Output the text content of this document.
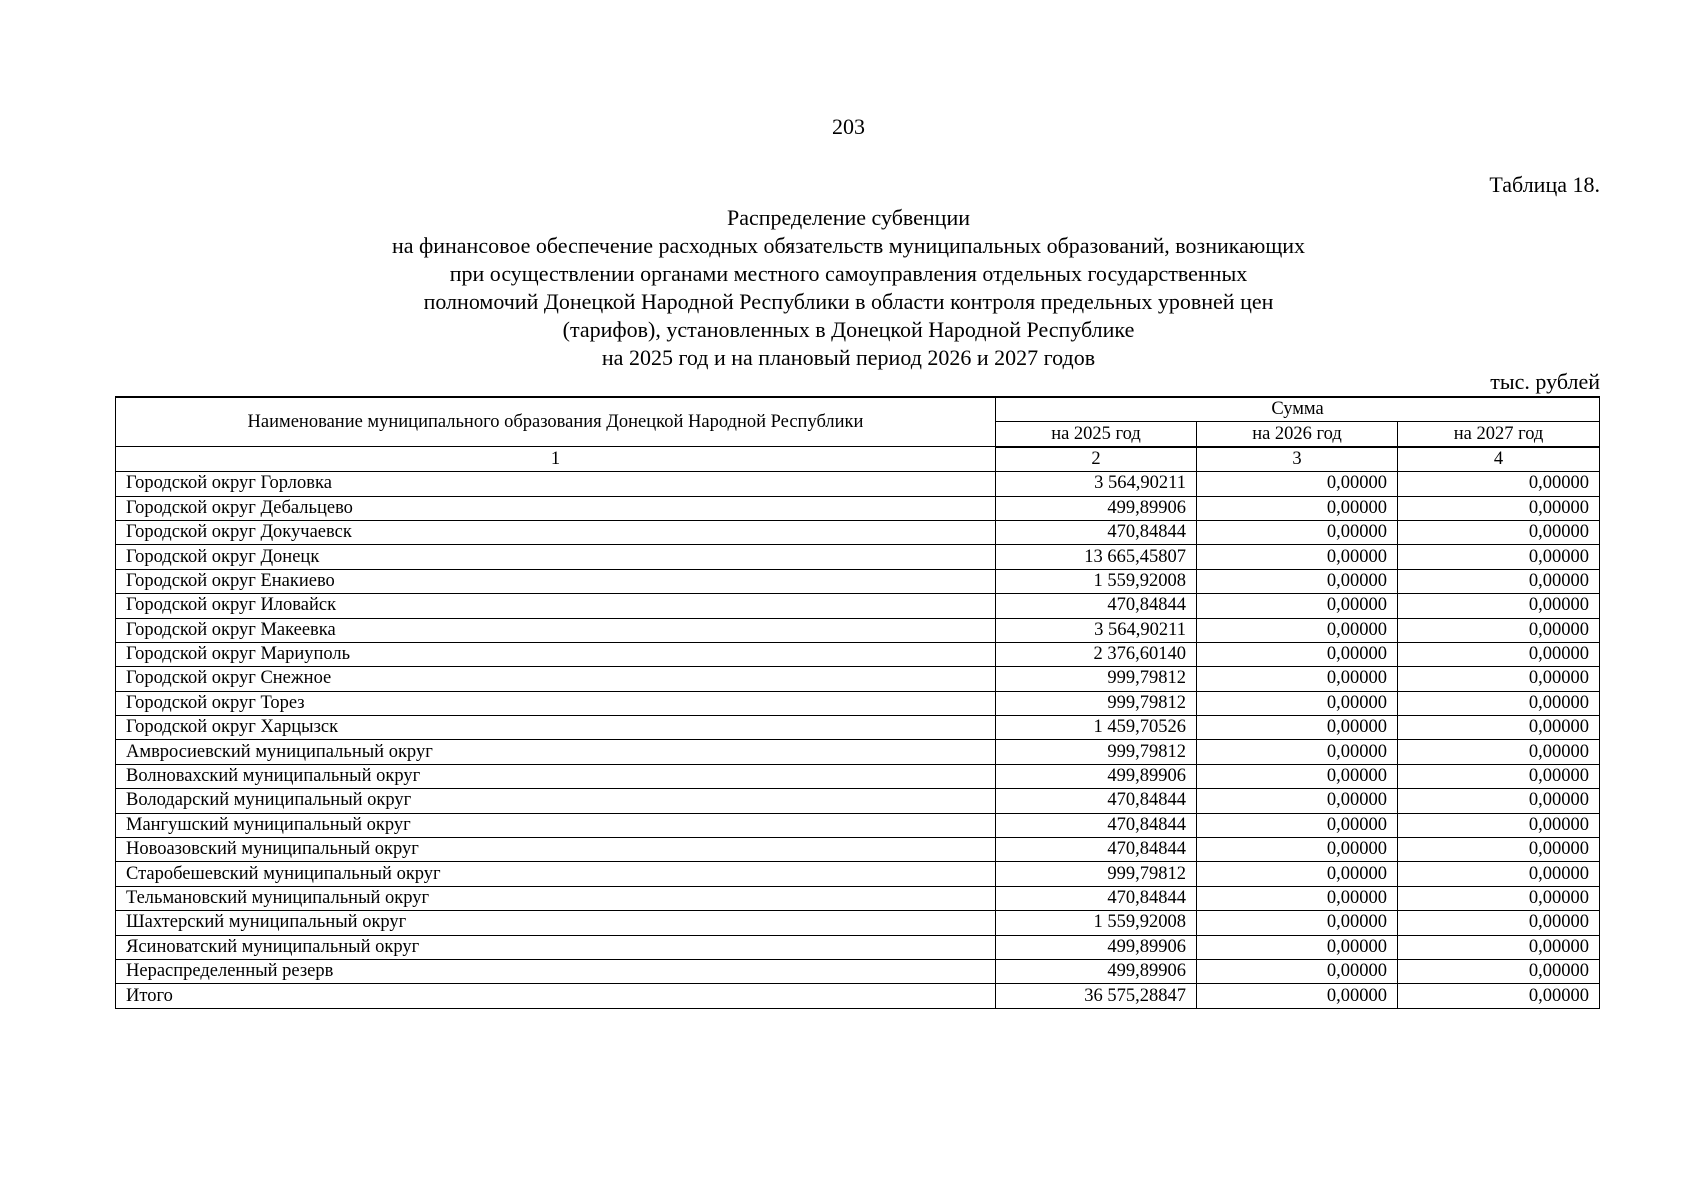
203
Таблица 18.
Распределение субвенции
на финансовое обеспечение расходных обязательств муниципальных образований, возникающих
при осуществлении органами местного самоуправления отдельных государственных
полномочий Донецкой Народной Республики в области контроля предельных уровней цен
(тарифов), установленных в Донецкой Народной Республике
на 2025 год и на плановый период 2026 и 2027 годов
тыс. рублей
Наименование муниципального образования Донецкой Народной Республики	Сумма		
	на 2025 год	на 2026 год	на 2027 год
1	2	3	4
Городской округ Горловка	3 564,90211	0,00000	0,00000
Городской округ Дебальцево	499,89906	0,00000	0,00000
Городской округ Докучаевск	470,84844	0,00000	0,00000
Городской округ Донецк	13 665,45807	0,00000	0,00000
Городской округ Енакиево	1 559,92008	0,00000	0,00000
Городской округ Иловайск	470,84844	0,00000	0,00000
Городской округ Макеевка	3 564,90211	0,00000	0,00000
Городской округ Мариуполь	2 376,60140	0,00000	0,00000
Городской округ Снежное	999,79812	0,00000	0,00000
Городской округ Торез	999,79812	0,00000	0,00000
Городской округ Харцызск	1 459,70526	0,00000	0,00000
Амвросиевский муниципальный округ	999,79812	0,00000	0,00000
Волновахский муниципальный округ	499,89906	0,00000	0,00000
Володарский муниципальный округ	470,84844	0,00000	0,00000
Мангушский муниципальный округ	470,84844	0,00000	0,00000
Новоазовский муниципальный округ	470,84844	0,00000	0,00000
Старобешевский муниципальный округ	999,79812	0,00000	0,00000
Тельмановский муниципальный округ	470,84844	0,00000	0,00000
Шахтерский муниципальный округ	1 559,92008	0,00000	0,00000
Ясиноватский муниципальный округ	499,89906	0,00000	0,00000
Нераспределенный резерв	499,89906	0,00000	0,00000
Итого	36 575,28847	0,00000	0,00000
